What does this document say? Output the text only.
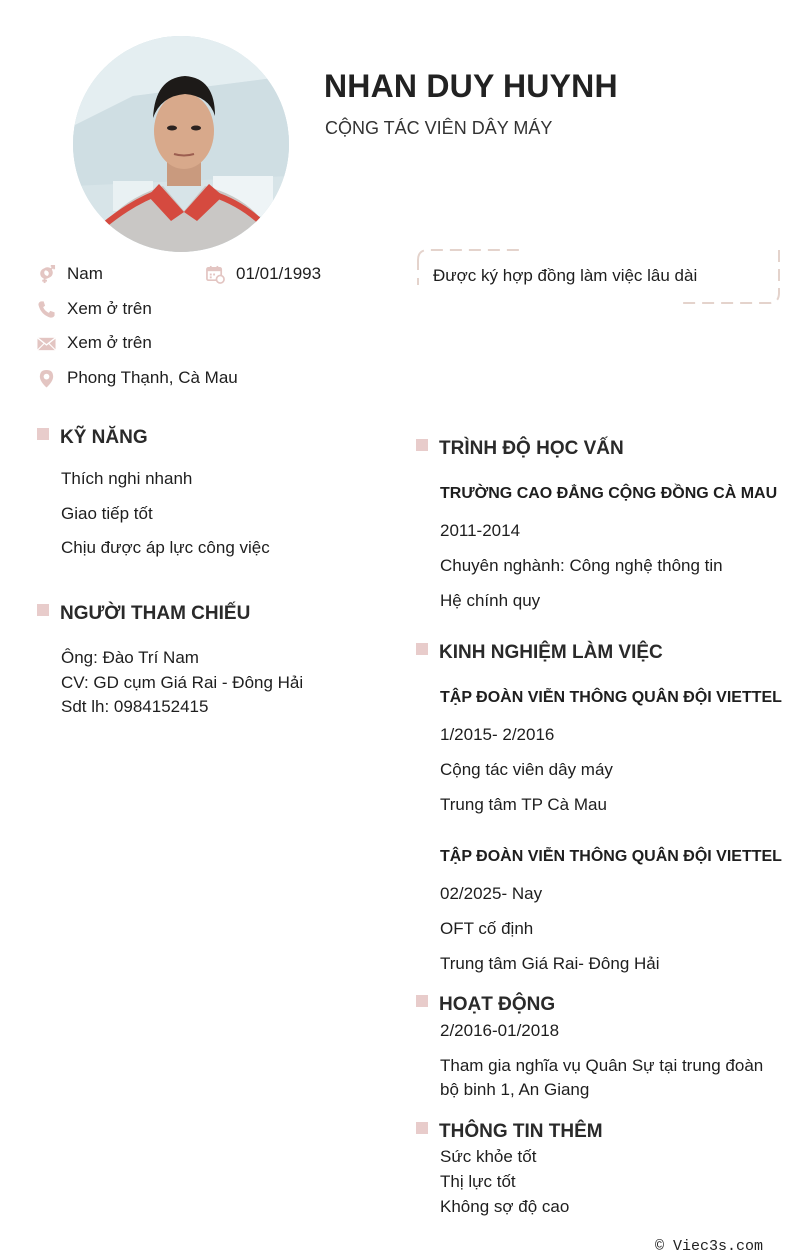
NHAN DUY HUYNH
CỘNG TÁC VIÊN DÂY MÁY
Nam	01/01/1993
Xem ở trên
Xem ở trên
Phong Thạnh, Cà Mau
Được ký hợp đồng làm việc lâu dài
KỸ NĂNG
Thích nghi nhanh
Giao tiếp tốt
Chịu được áp lực công việc
NGƯỜI THAM CHIẾU
Ông: Đào Trí Nam
CV: GD cụm Giá Rai - Đông Hải
Sdt lh: 0984152415
TRÌNH ĐỘ HỌC VẤN
TRƯỜNG CAO ĐẲNG CỘNG ĐỒNG CÀ MAU
2011-2014
Chuyên nghành: Công nghệ thông tin
Hệ chính quy
KINH NGHIỆM LÀM VIỆC
TẬP ĐOÀN VIỄN THÔNG QUÂN ĐỘI VIETTEL
1/2015- 2/2016
Cộng tác viên dây máy
Trung tâm TP Cà Mau
TẬP ĐOÀN VIỄN THÔNG QUÂN ĐỘI VIETTEL
02/2025- Nay
OFT cố định
Trung tâm Giá Rai- Đông Hải
HOẠT ĐỘNG
2/2016-01/2018
Tham gia nghĩa vụ Quân Sự tại trung đoàn
bộ binh 1, An Giang
THÔNG TIN THÊM
Sức khỏe tốt
Thị lực tốt
Không sợ độ cao
© Viec3s.com
